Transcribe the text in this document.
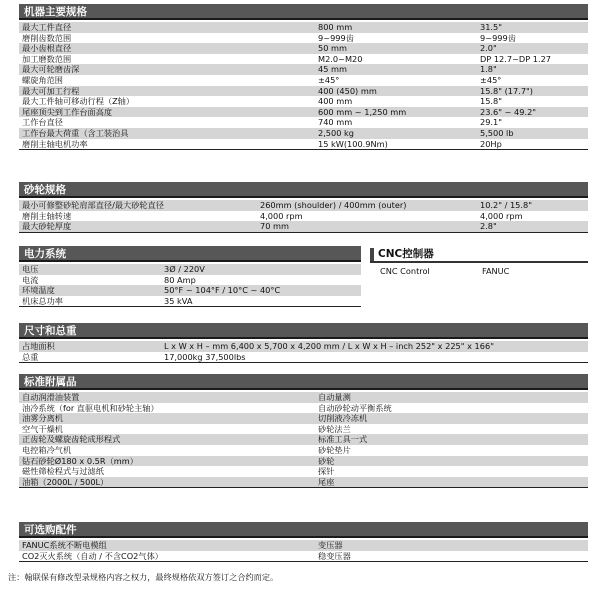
机器主要规格
最大工件直径	800 mm	31.5"
磨削齿数范围	9~999齿	9~999齿
最小齿根直径	50 mm	2.0"
加工磨数范围	M2.0~M20	DP 12.7~DP 1.27
最大可轮磨齿深	45 mm	1.8"
螺旋角范围	±45°	±45°
最大可加工行程	400 (450) mm	15.8" (17.7")
最大工件轴可移动行程（Z轴）	400 mm	15.8"
尾座顶尖到工作台面高度	600 mm ~ 1,250 mm	23.6" ~ 49.2"
工作台直径	740 mm	29.1"
工作台最大荷重（含工装治具	2,500 kg	5,500 lb
磨削主轴电机功率	15 kW(100.9Nm)	20Hp
砂轮规格
最小可修整砂轮肩部直径/最大砂轮直径	260mm (shoulder) / 400mm (outer)	10.2" / 15.8"
磨削主轴转速	4,000 rpm	4,000 rpm
最大砂轮厚度	70 mm	2.8"
电力系统
电压	3Ø / 220V
电流	80 Amp
环境温度	50°F ~ 104°F / 10°C ~ 40°C
机床总功率	35 kVA
CNC控制器
CNC Control	FANUC
尺寸和总重
占地面积	L x W x H – mm 6,400 x 5,700 x 4,200 mm / L x W x H – inch 252" x 225" x 166"
总重	17,000kg 37,500lbs
标准附属品
自动润滑油装置	自动量测
油冷系统（for 直驱电机和砂轮主轴）	自动砂轮动平衡系统
油雾分离机	切削液冷冻机
空气干燥机	砂轮法兰
正齿轮及螺旋齿轮成形程式	标准工具一式
电控箱冷气机	砂轮垫片
钻石砂轮Ø180 x 0.5R（mm）	砂轮
磁性筛检程式与过滤纸	探针
油箱（2000L / 500L）	尾座
可选购配件
FANUC系统不断电模组	变压器
CO2灭火系统（自动 / 不含CO2气体）	稳变压器
注：翰联保有修改型录规格内容之权力，最终规格依双方签订之合约而定。
